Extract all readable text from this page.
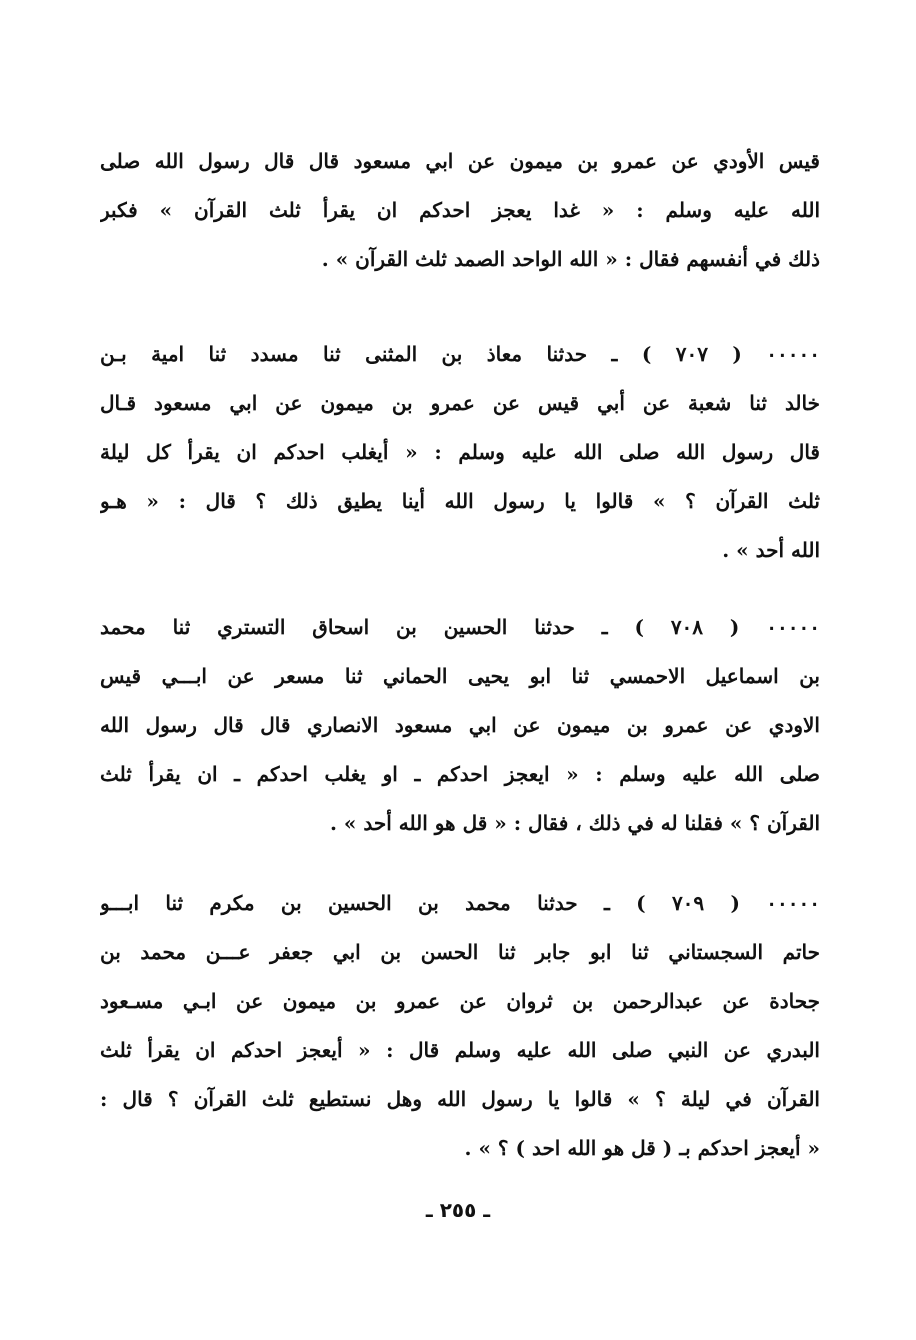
قيس الأودي عن عمرو بن ميمون عن ابي مسعود قال قال رسول الله صلى
الله عليه وسلم : « غدا يعجز احدكم ان يقرأ ثلث القرآن » فكبر
ذلك في أنفسهم فقال : « الله الواحد الصمد ثلث القرآن » .
٠٠٠٠٠ ( ٧٠٧ ) ـ حدثنا معاذ بن المثنى ثنا مسدد ثنا امية بـن
خالد ثنا شعبة عن أبي قيس عن عمرو بن ميمون عن ابي مسعود قـال
قال رسول الله صلى الله عليه وسلم : « أيغلب احدكم ان يقرأ كل ليلة
ثلث القرآن ؟ » قالوا يا رسول الله أينا يطيق ذلك ؟ قال : « هـو
الله أحد » .
٠٠٠٠٠ ( ٧٠٨ ) ـ حدثنا الحسين بن اسحاق التستري ثنا محمد
بن اسماعيل الاحمسي ثنا ابو يحيى الحماني ثنا مسعر عن ابـــي قيس
الاودي عن عمرو بن ميمون عن ابي مسعود الانصاري قال قال رسول الله
صلى الله عليه وسلم : « ايعجز احدكم ـ او يغلب احدكم ـ ان يقرأ ثلث
القرآن ؟ » فقلنا له في ذلك ، فقال : « قل هو الله أحد » .
٠٠٠٠٠ ( ٧٠٩ ) ـ حدثنا محمد بن الحسين بن مكرم ثنا ابـــو
حاتم السجستاني ثنا ابو جابر ثنا الحسن بن ابي جعفر عـــن محمد بن
جحادة عن عبدالرحمن بن ثروان عن عمرو بن ميمون عن ابـي مسـعود
البدري عن النبي صلى الله عليه وسلم قال : « أيعجز احدكم ان يقرأ ثلث
القرآن في ليلة ؟ » قالوا يا رسول الله وهل نستطيع ثلث القرآن ؟ قال :
« أيعجز احدكم بـ ( قل هو الله احد ) ؟ » .
ـ ٢٥٥ ـ
